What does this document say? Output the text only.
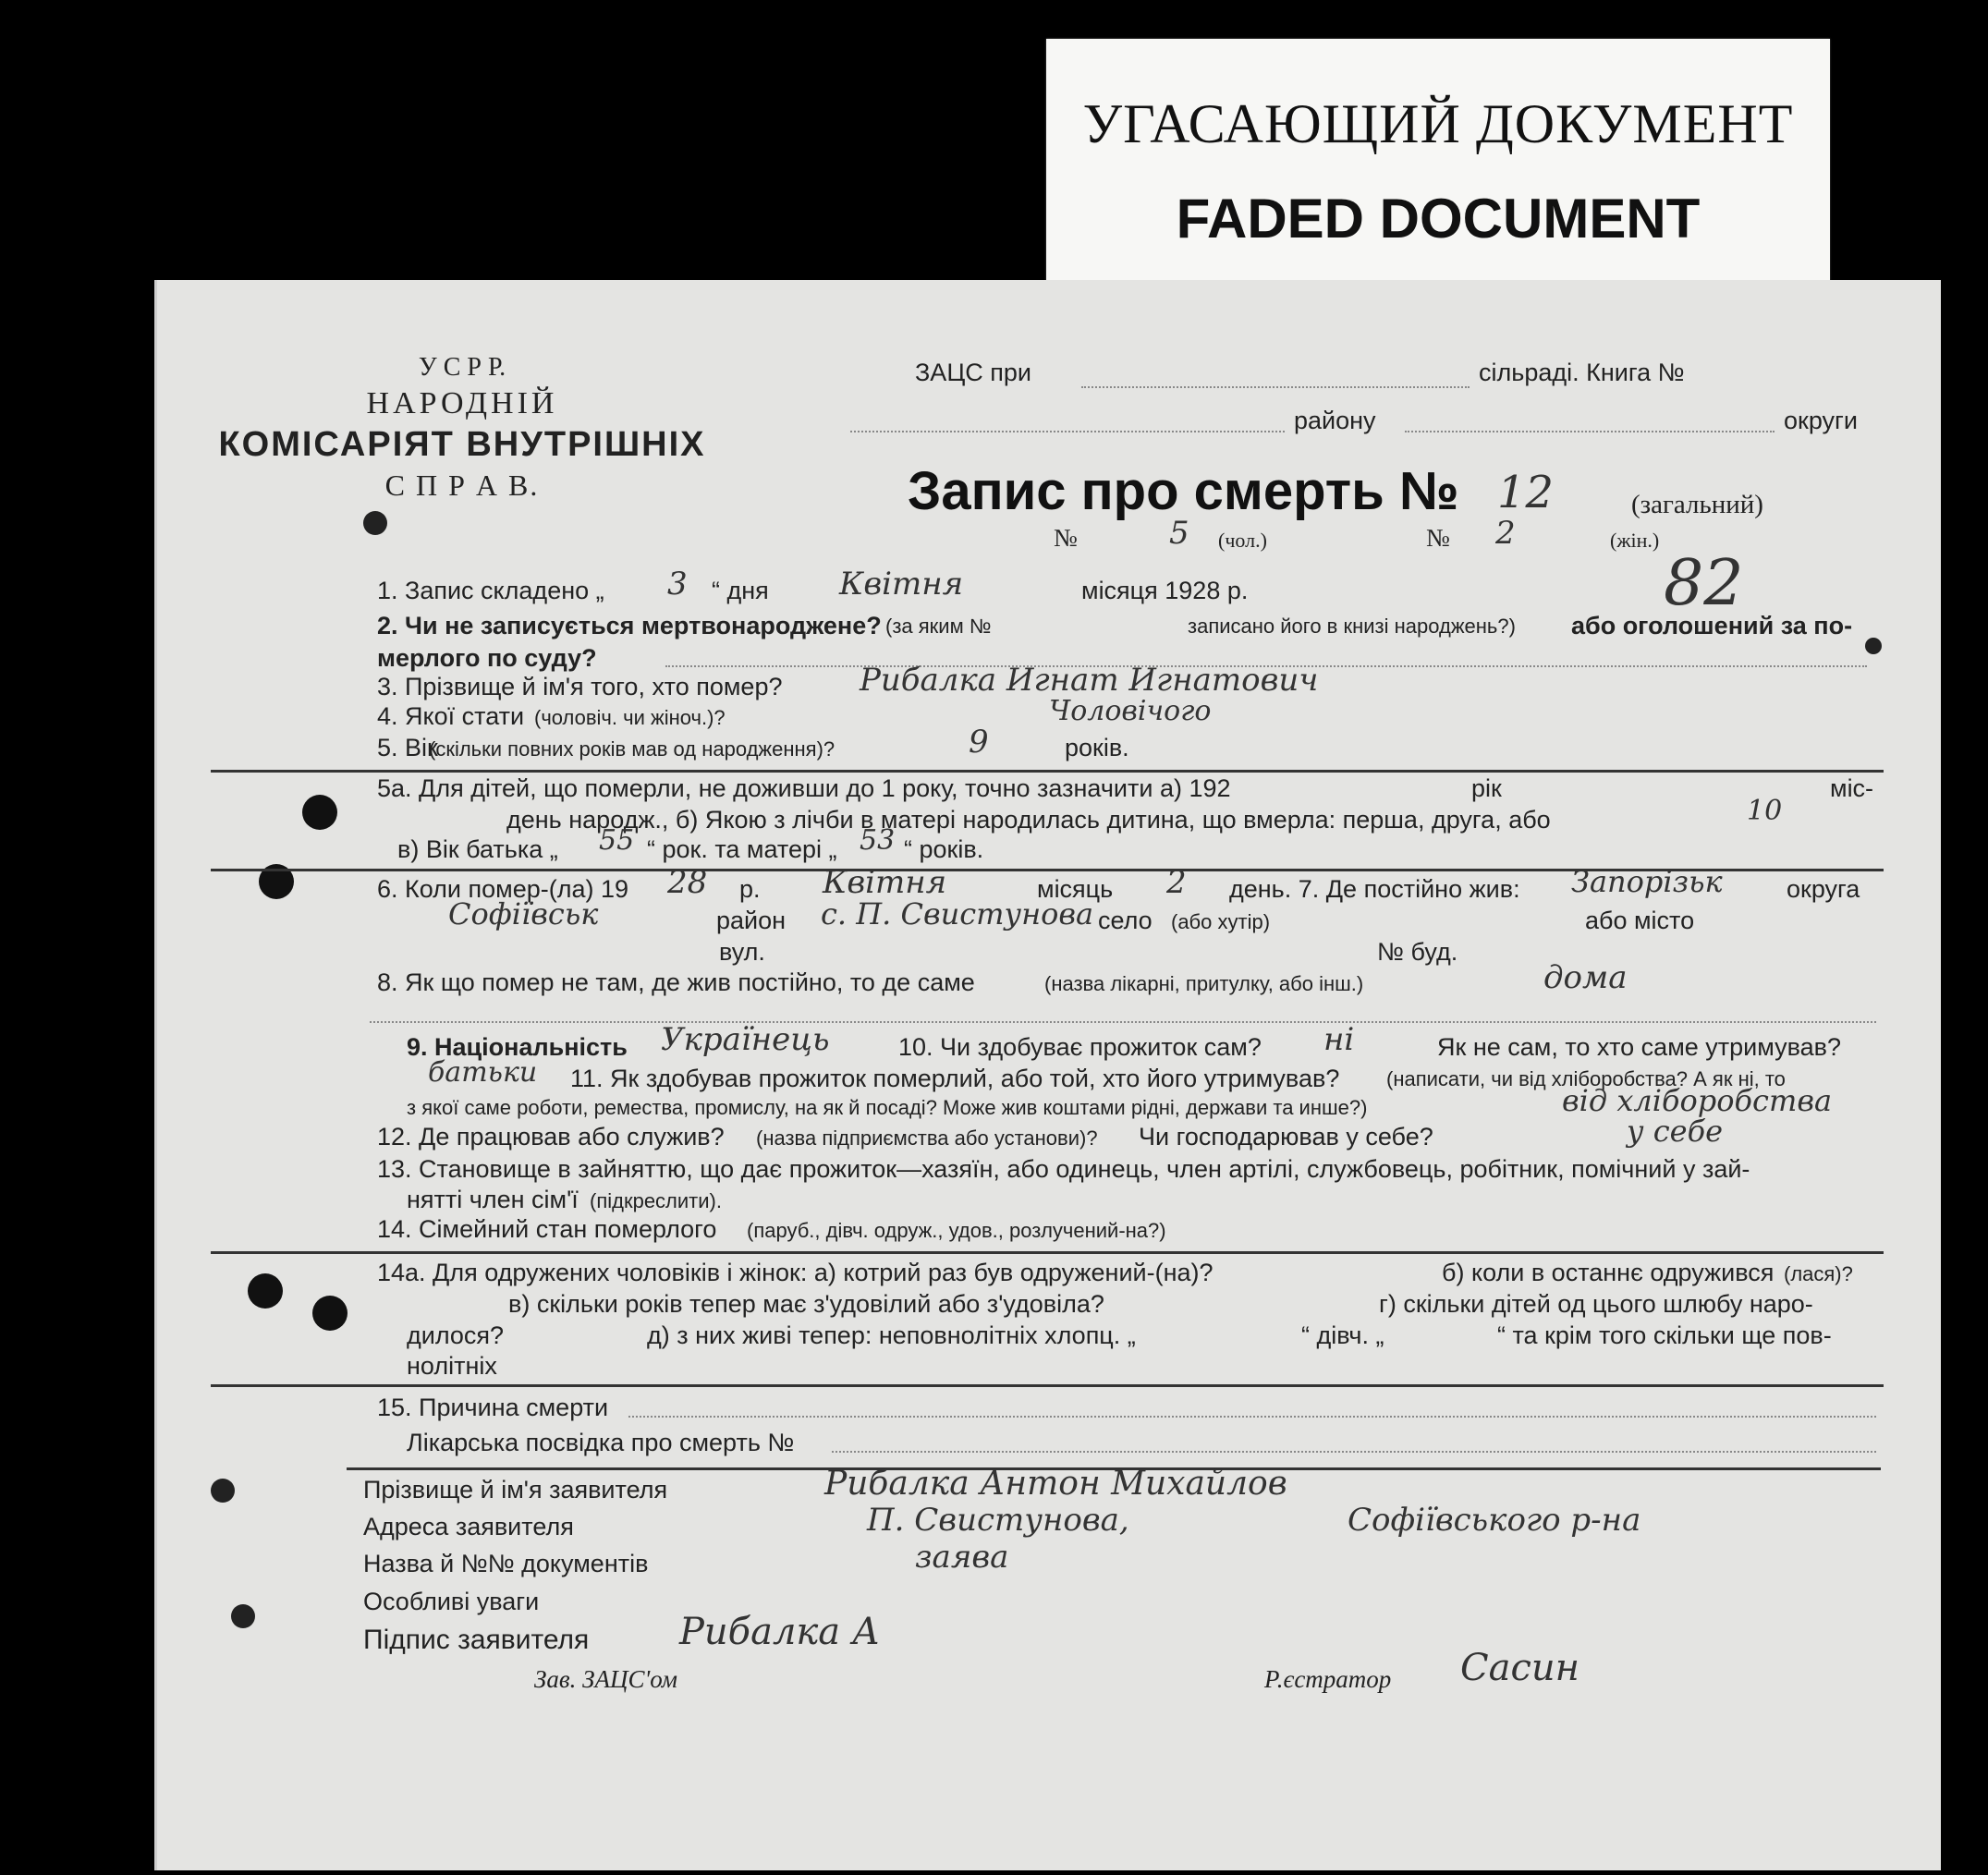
УГАСАЮЩИЙ ДОКУМЕНТ
FADED DOCUMENT
У С Р Р.
НАРОДНІЙ
КОМІСАРІЯТ ВНУТРІШНІХ
С П Р А В.
ЗАЦС при	сільраді. Книга №
району	округи
Запис про смерть № 12	(загальний)
№	5 (чол.)	№ 2	(жін.)
82
1. Запис складено „ 3 “ дня Квітня	місяця 1928 р.
2. Чи не записується мертвонароджене? (за яким №	записано його в книзі народжень?) або оголошений за по-
мерлого по суду?
3. Прізвище й ім'я того, хто помер? Рибалка Игнат Игнатович
4. Якої стати (чоловіч. чи жіноч.)?	Чоловічого
5. Вік
(скільки повних років мав од народження)?	9	років.
5а. Для дітей, що померли, не доживши до 1 року, точно зазначити а) 192	рік	міс-
день народж., б) Якою з лічби в матері народилась дитина, що вмерла: перша, друга, або	10
в) Вік батька „ 55 “ рок. та матері „ 53 “ років.
6. Коли помер-(ла) 19 28 р. Квітня	місяць 2 день. 7. Де постійно жив: Запорізьк	округа
Софіївськ	район с. П. Свистунова село (або хутір)	або місто
вул.	№ буд.
8. Як що помер не там, де жив постійно, то де саме	(назва лікарні, притулку, або інш.)	дома
9. Національність Українець	10. Чи здобуває прожиток сам? ні	Як не сам, то хто саме утримував?
батьки 11. Як здобував прожиток померлий, або той, хто його утримував? (написати, чи від хліборобства? А як ні, то
з якої саме роботи, ремества, промислу, на як й посаді? Може жив коштами рідні, держави та инше?)	від хліборобства
12. Де працював або служив? (назва підприємства або установи)? Чи господарював у себе?	у себе
13. Становище в зайняттю, що дає прожиток—хазяїн, або одинець, член артілі, службовець, робітник, помічний у зай-
нятті член сім'ї (підкреслити).
14. Сімейний стан померлого (паруб., дівч. одруж., удов., розлучений-на?)
14а. Для одружених чоловіків і жінок: а) котрий раз був одружений-(на)?	б) коли в останнє одружився (лася)?
в) скільки років тепер має з'удовілий або з'удовіла?	г) скільки дітей од цього шлюбу наро-
дилося?	д) з них живі тепер: неповнолітніх хлопц. „	“ дівч. „	“ та крім того скільки ще пов-
нолітніх
15. Причина смерти
Лікарська посвідка про смерть №
Прізвище й ім'я заявителя	Рибалка Антон Михайлов
Адреса заявителя	П. Свистунова,	Софіївського р-на
Назва й №№ документів	заява
Особливі уваги
Підпис заявителя Рибалка А
Зав. ЗАЦС'ом	Р.єстратор Сасин
